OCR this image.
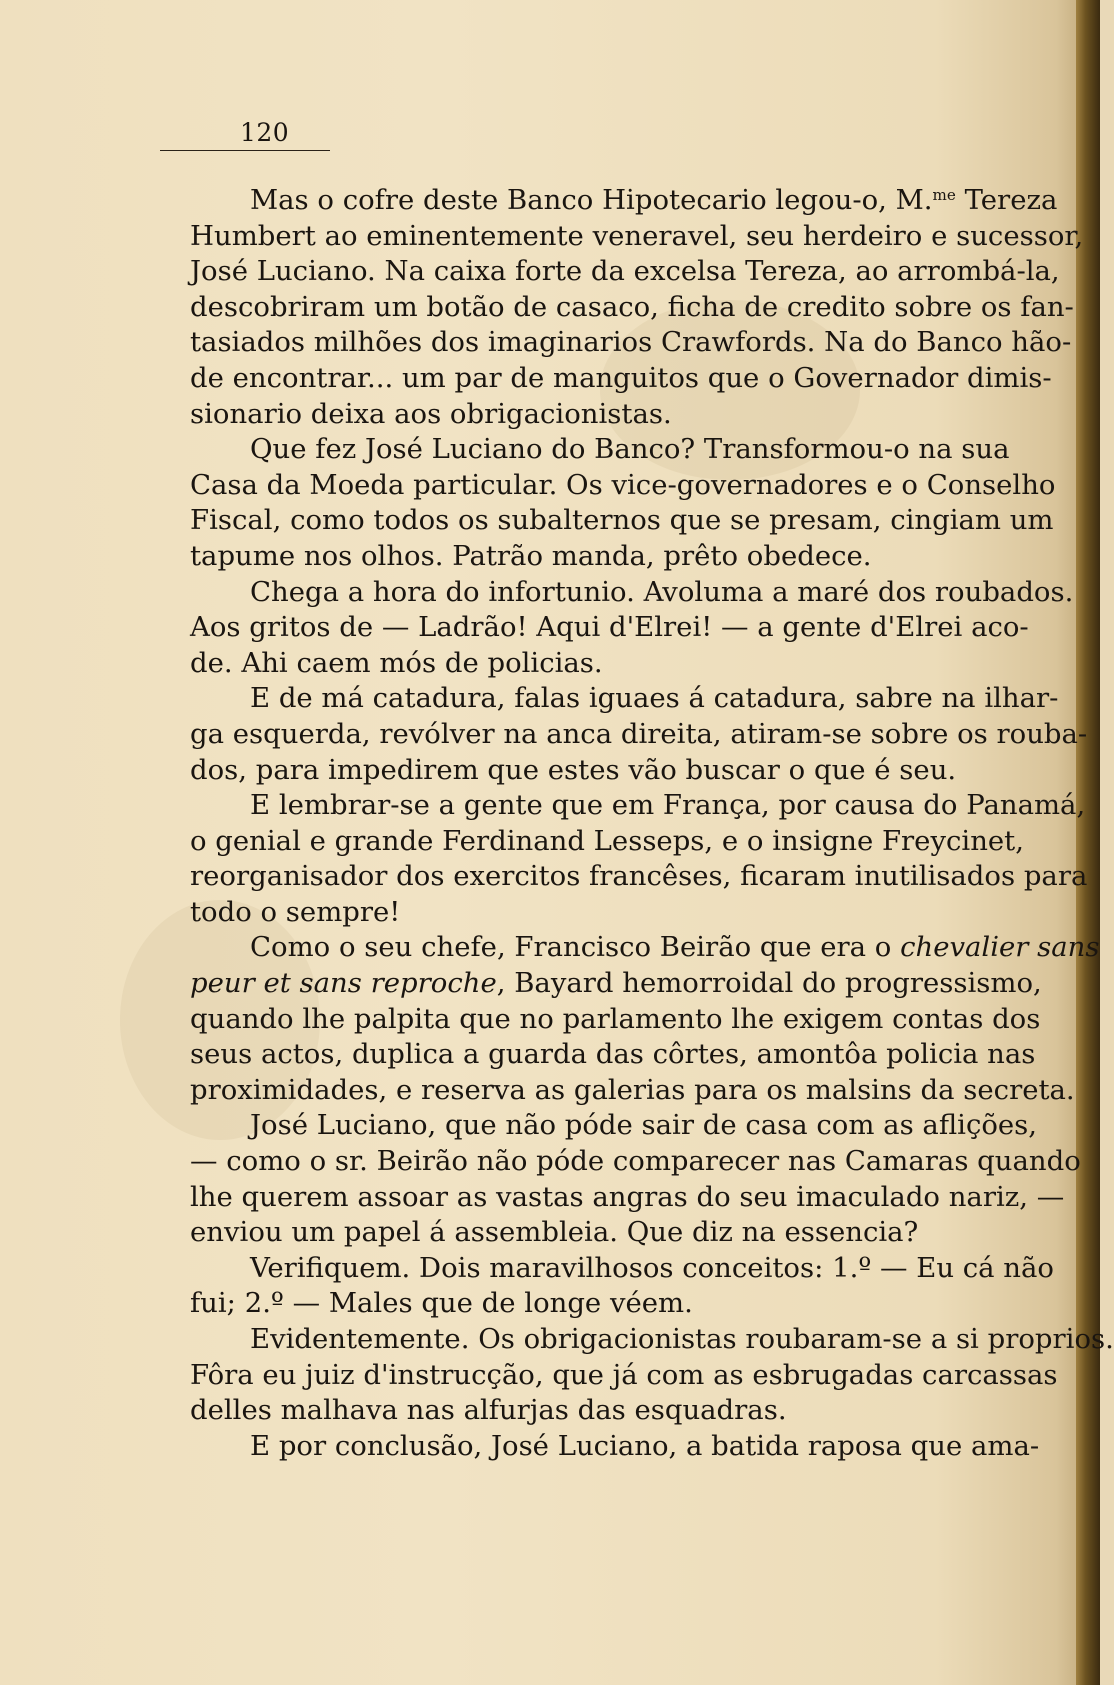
120
Mas o cofre deste Banco Hipotecario legou-o, M.$^{me}$ Tereza
Humbert ao eminentemente veneravel, seu herdeiro e sucessor,
José Luciano. Na caixa forte da excelsa Tereza, ao arrombá-la,
descobriram um botão de casaco, ficha de credito sobre os fan-
tasiados milhões dos imaginarios Crawfords. Na do Banco hão-
de encontrar... um par de manguitos que o Governador dimis-
sionario deixa aos obrigacionistas.
Que fez José Luciano do Banco? Transformou-o na sua
Casa da Moeda particular. Os vice-governadores e o Conselho
Fiscal, como todos os subalternos que se presam, cingiam um
tapume nos olhos. Patrão manda, prêto obedece.
Chega a hora do infortunio. Avoluma a maré dos roubados.
Aos gritos de — Ladrão! Aqui d'Elrei! — a gente d'Elrei aco-
de. Ahi caem mós de policias.
E de má catadura, falas iguaes á catadura, sabre na ilhar-
ga esquerda, revólver na anca direita, atiram-se sobre os rouba-
dos, para impedirem que estes vão buscar o que é seu.
E lembrar-se a gente que em França, por causa do Panamá,
o genial e grande Ferdinand Lesseps, e o insigne Freycinet,
reorganisador dos exercitos francêses, ficaram inutilisados para
todo o sempre!
Como o seu chefe, Francisco Beirão que era o chevalier sans
peur et sans reproche, Bayard hemorroidal do progressismo,
quando lhe palpita que no parlamento lhe exigem contas dos
seus actos, duplica a guarda das côrtes, amontôa policia nas
proximidades, e reserva as galerias para os malsins da secreta.
José Luciano, que não póde sair de casa com as aflições,
— como o sr. Beirão não póde comparecer nas Camaras quando
lhe querem assoar as vastas angras do seu imaculado nariz, —
enviou um papel á assembleia. Que diz na essencia?
Verifiquem. Dois maravilhosos conceitos: 1.º — Eu cá não
fui; 2.º — Males que de longe véem.
Evidentemente. Os obrigacionistas roubaram-se a si proprios.
Fôra eu juiz d'instrucção, que já com as esbrugadas carcassas
delles malhava nas alfurjas das esquadras.
E por conclusão, José Luciano, a batida raposa que ama-
